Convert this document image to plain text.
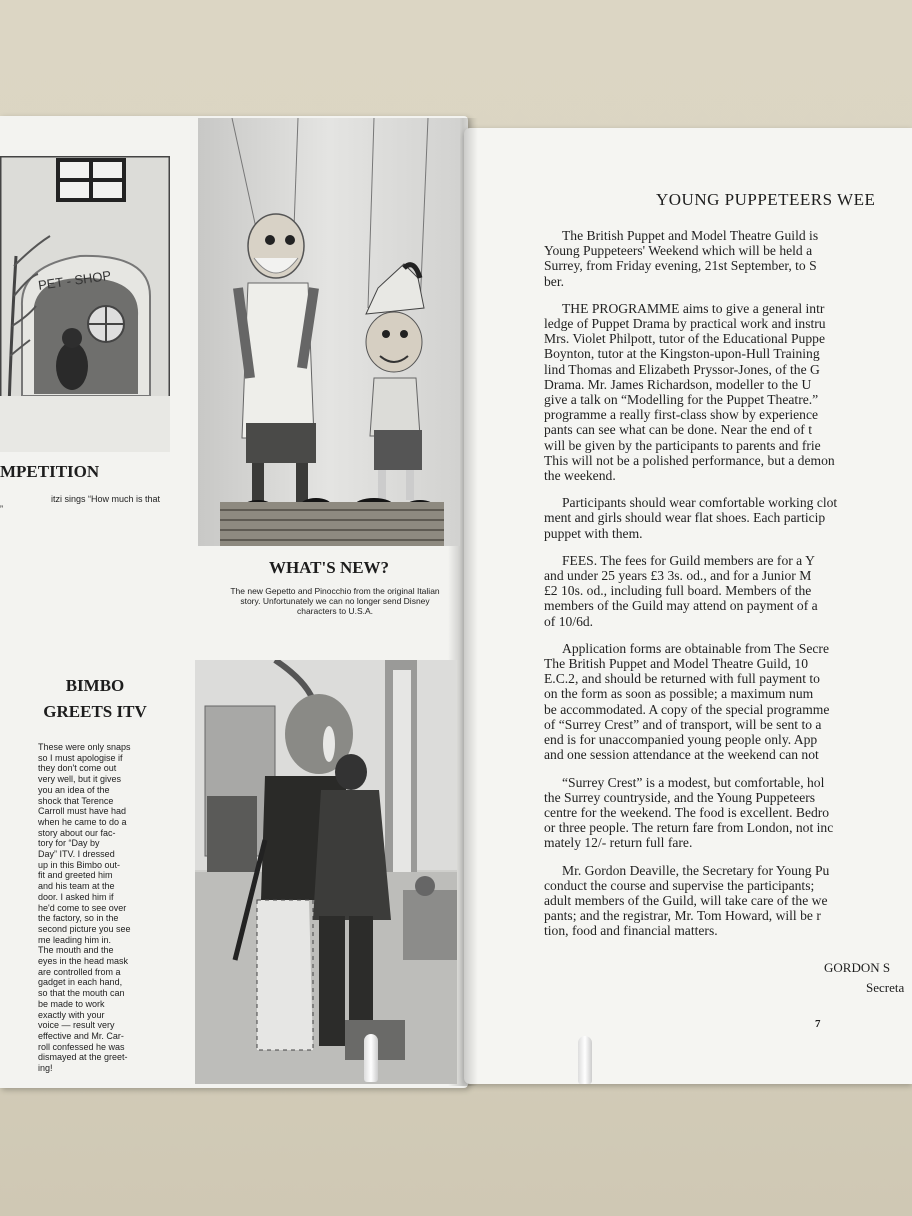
PET - SHOP
MPETITION
itzi sings “How much is that
”
WHAT'S NEW?
The new Gepetto and Pinocchio from the original Italian story. Unfortunately we can no longer send Disney characters to U.S.A.
BIMBO
GREETS ITV
These were only snaps
so I must apologise if
they don't come out
very well, but it gives
you an idea of the
shock that Terence
Carroll must have had
when he came to do a
story about our fac-
tory for “Day by
Day” ITV. I dressed
up in this Bimbo out-
fit and greeted him
and his team at the
door. I asked him if
he'd come to see over
the factory, so in the
second picture you see
me leading him in.
The mouth and the
eyes in the head mask
are controlled from a
gadget in each hand,
so that the mouth can
be made to work
exactly with your
voice — result very
effective and Mr. Car-
roll confessed he was
dismayed at the greet-
ing!
YOUNG PUPPETEERS WEE

The British Puppet and Model Theatre Guild is
Young Puppeteers' Weekend which will be held a
Surrey, from Friday evening, 21st September, to S
ber.

THE PROGRAMME aims to give a general intr
ledge of Puppet Drama by practical work and instru
Mrs. Violet Philpott, tutor of the Educational Puppe
Boynton, tutor at the Kingston-upon-Hull Training
lind Thomas and Elizabeth Pryssor-Jones, of the G
Drama. Mr. James Richardson, modeller to the U
give a talk on “Modelling for the Puppet Theatre.”
programme a really first-class show by experience
pants can see what can be done. Near the end of t
will be given by the participants to parents and frie
This will not be a polished performance, but a demon
the weekend.

Participants should wear comfortable working clot
ment and girls should wear flat shoes. Each particip
puppet with them.

FEES. The fees for Guild members are for a Y
and under 25 years £3 3s. od., and for a Junior M
£2 10s. od., including full board. Members of the
members of the Guild may attend on payment of a
of 10/6d.

Application forms are obtainable from The Secre
The British Puppet and Model Theatre Guild, 10
E.C.2, and should be returned with full payment to
on the form as soon as possible; a maximum num
be accommodated. A copy of the special programme
of “Surrey Crest” and of transport, will be sent to a
end is for unaccompanied young people only. App
and one session attendance at the weekend can not

“Surrey Crest” is a modest, but comfortable, hol
the Surrey countryside, and the Young Puppeteers
centre for the weekend. The food is excellent. Bedro
or three people. The return fare from London, not inc
mately 12/- return full fare.

Mr. Gordon Deaville, the Secretary for Young Pu
conduct the course and supervise the participants;
adult members of the Guild, will take care of the we
pants; and the registrar, Mr. Tom Howard, will be r
tion, food and financial matters.

GORDON S
Secreta
7
